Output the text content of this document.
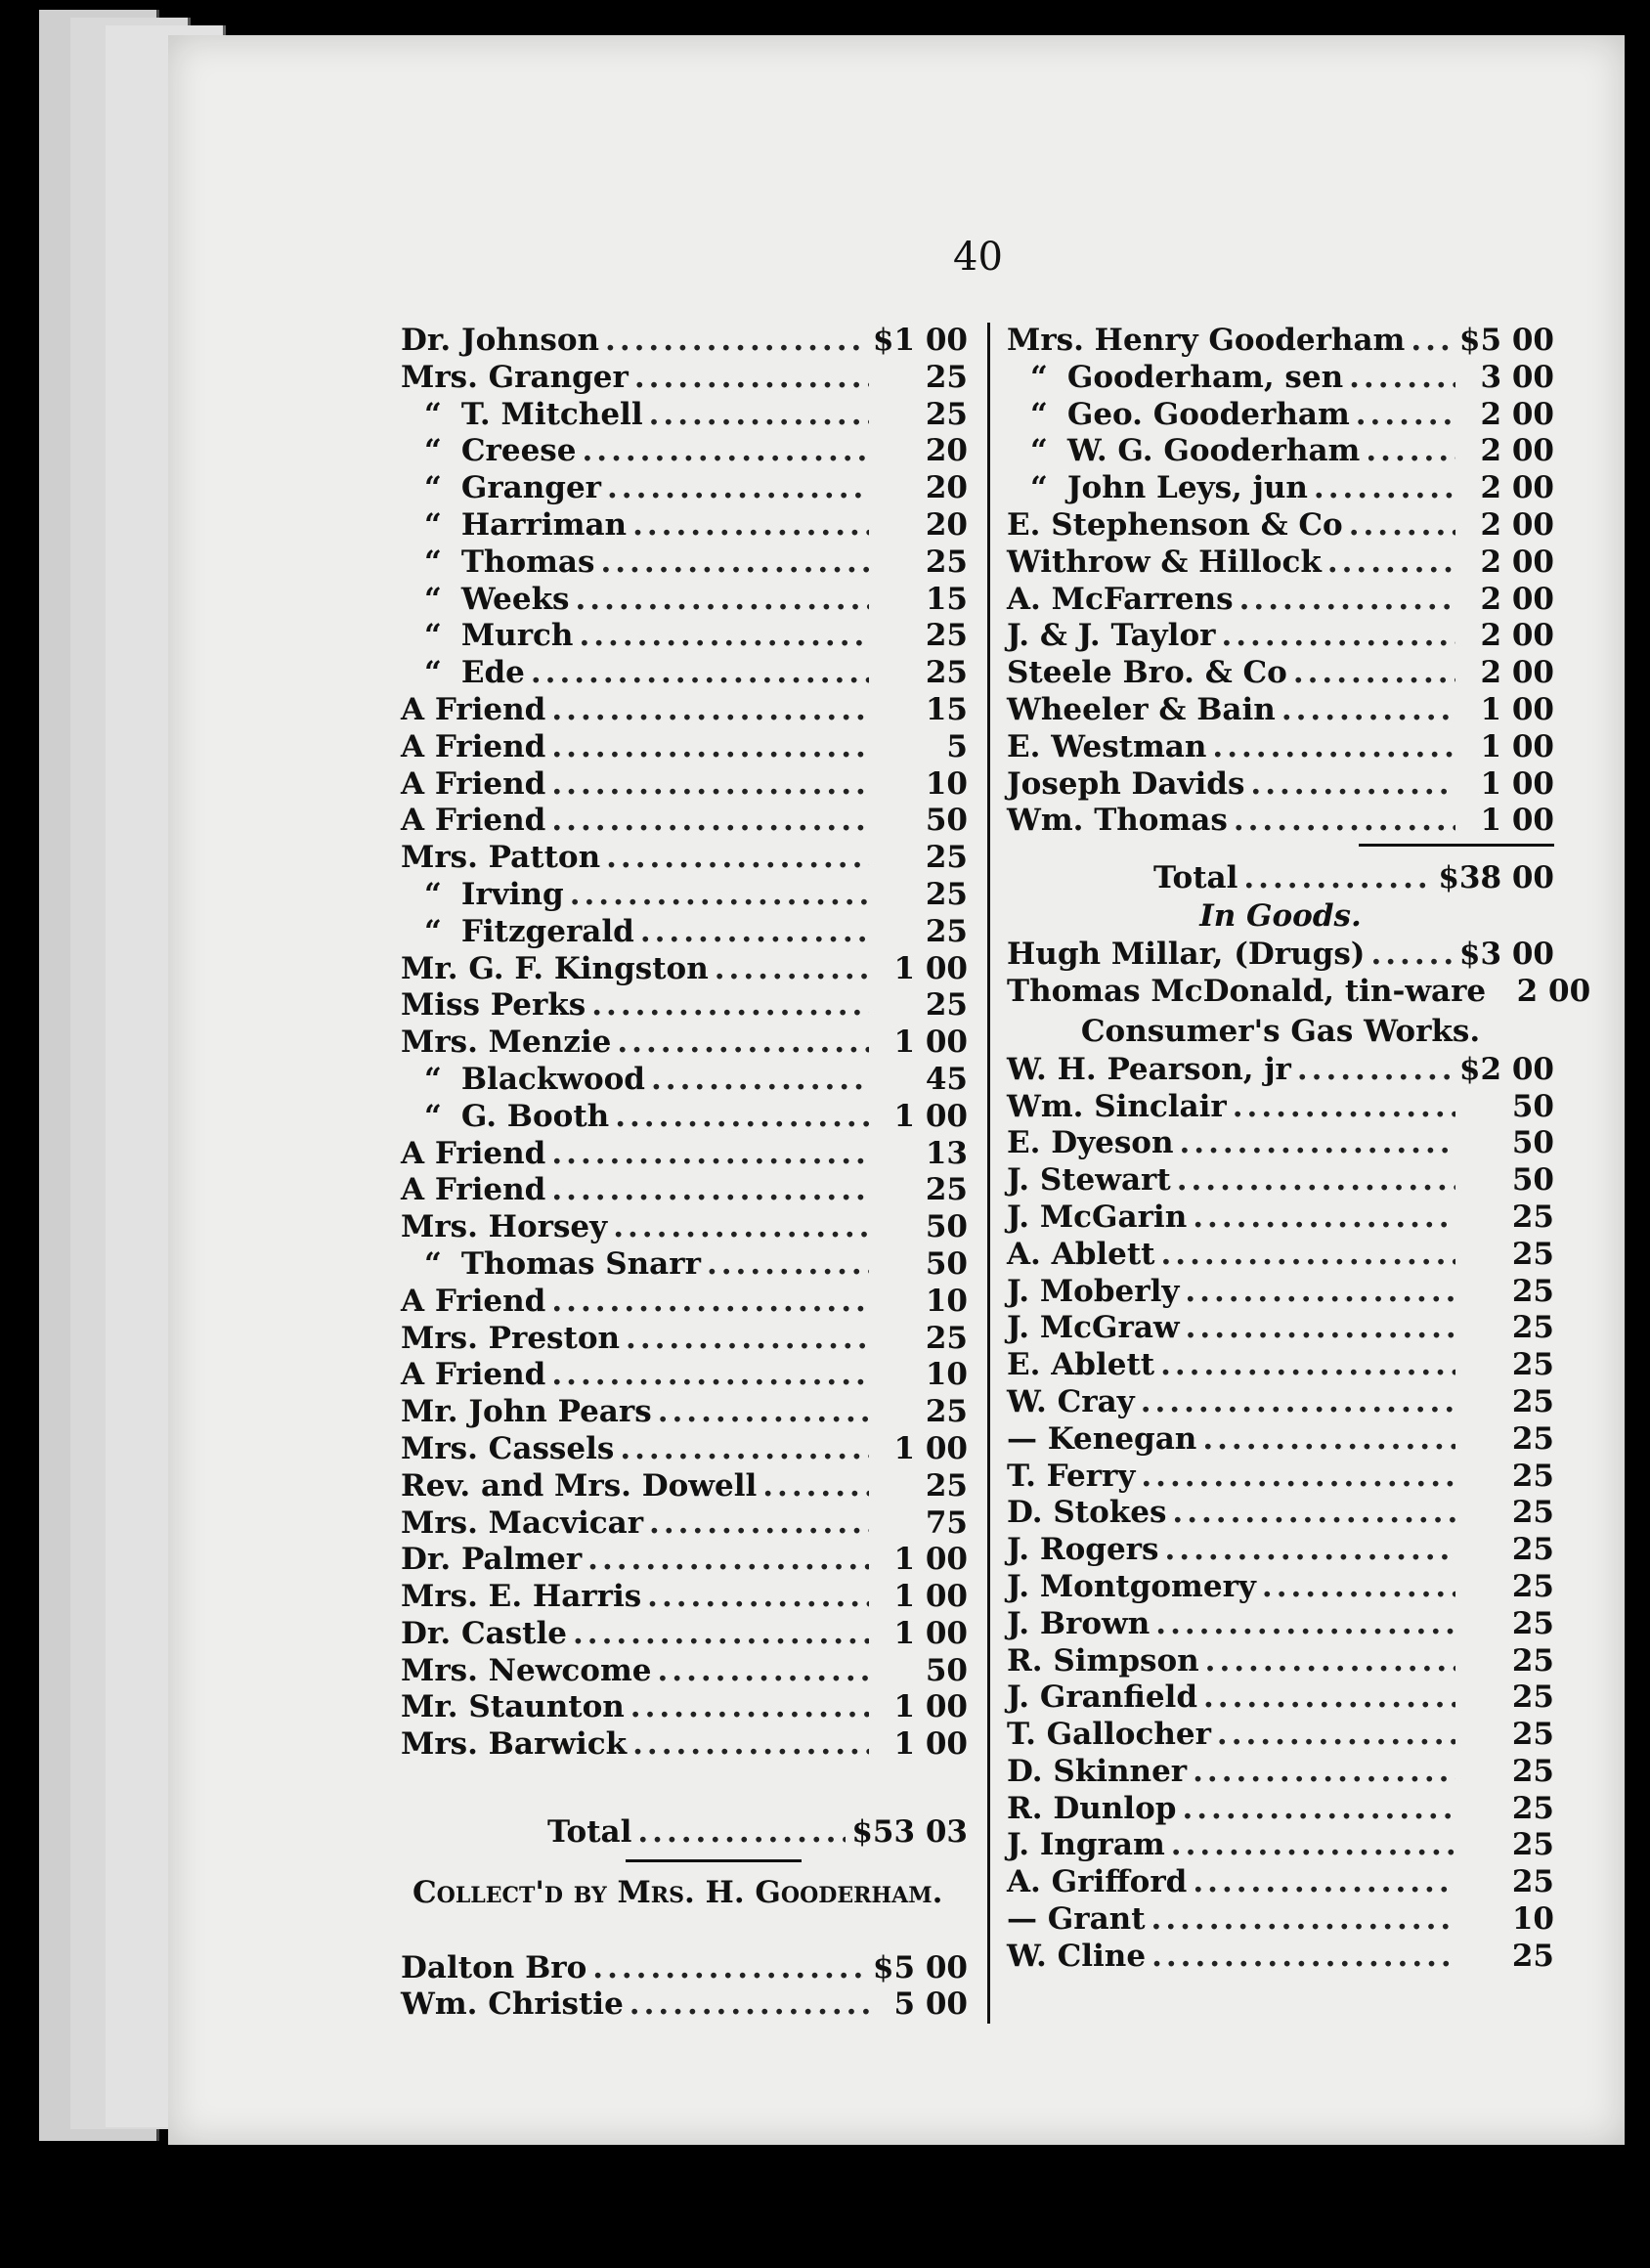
40
Dr. Johnson .....	$1 00
Mrs. Granger .....	25
“ T. Mitchell .....	25
“ Creese .....	20
“ Granger .....	20
“ Harriman .....	20
“ Thomas .....	25
“ Weeks .....	15
“ Murch .....	25
“ Ede .....	25
A Friend .....	15
A Friend .....	5
A Friend .....	10
A Friend .....	50
Mrs. Patton .....	25
“ Irving .....	25
“ Fitzgerald .....	25
Mr. G. F. Kingston .....	1 00
Miss Perks .....	25
Mrs. Menzie .....	1 00
“ Blackwood .....	45
“ G. Booth .....	1 00
A Friend .....	13
A Friend .....	25
Mrs. Horsey .....	50
“ Thomas Snarr .....	50
A Friend .....	10
Mrs. Preston .....	25
A Friend .....	10
Mr. John Pears .....	25
Mrs. Cassels .....	1 00
Rev. and Mrs. Dowell .....	25
Mrs. Macvicar .....	75
Dr. Palmer .....	1 00
Mrs. E. Harris .....	1 00
Dr. Castle .....	1 00
Mrs. Newcome .....	50
Mr. Staunton .....	1 00
Mrs. Barwick .....	1 00
Total .....	$53 03
Collect'd by Mrs. H. Gooderham.
Dalton Bro .....	$5 00
Wm. Christie .....	5 00
Mrs. Henry Gooderham ..... $5 00
“ Gooderham, sen .....	3 00
“ Geo. Gooderham .....	2 00
“ W. G. Gooderham .....	2 00
“ John Leys, jun .....	2 00
E. Stephenson & Co .....	2 00
Withrow & Hillock .....	2 00
A. McFarrens .....	2 00
J. & J. Taylor .....	2 00
Steele Bro. & Co .....	2 00
Wheeler & Bain .....	1 00
E. Westman .....	1 00
Joseph Davids .....	1 00
Wm. Thomas .....	1 00
Total .....	$38 00
In Goods.
Hugh Millar, (Drugs) .....	$3 00
Thomas McDonald, tin-ware	2 00
Consumer's Gas Works.
W. H. Pearson, jr .....	$2 00
Wm. Sinclair .....	50
E. Dyeson .....	50
J. Stewart .....	50
J. McGarin .....	25
A. Ablett .....	25
J. Moberly .....	25
J. McGraw .....	25
E. Ablett .....	25
W. Cray .....	25
— Kenegan .....	25
T. Ferry .....	25
D. Stokes .....	25
J. Rogers .....	25
J. Montgomery .....	25
J. Brown .....	25
R. Simpson .....	25
J. Granfield .....	25
T. Gallocher .....	25
D. Skinner .....	25
R. Dunlop .....	25
J. Ingram .....	25
A. Grifford .....	25
— Grant .....	10
W. Cline .....	25
